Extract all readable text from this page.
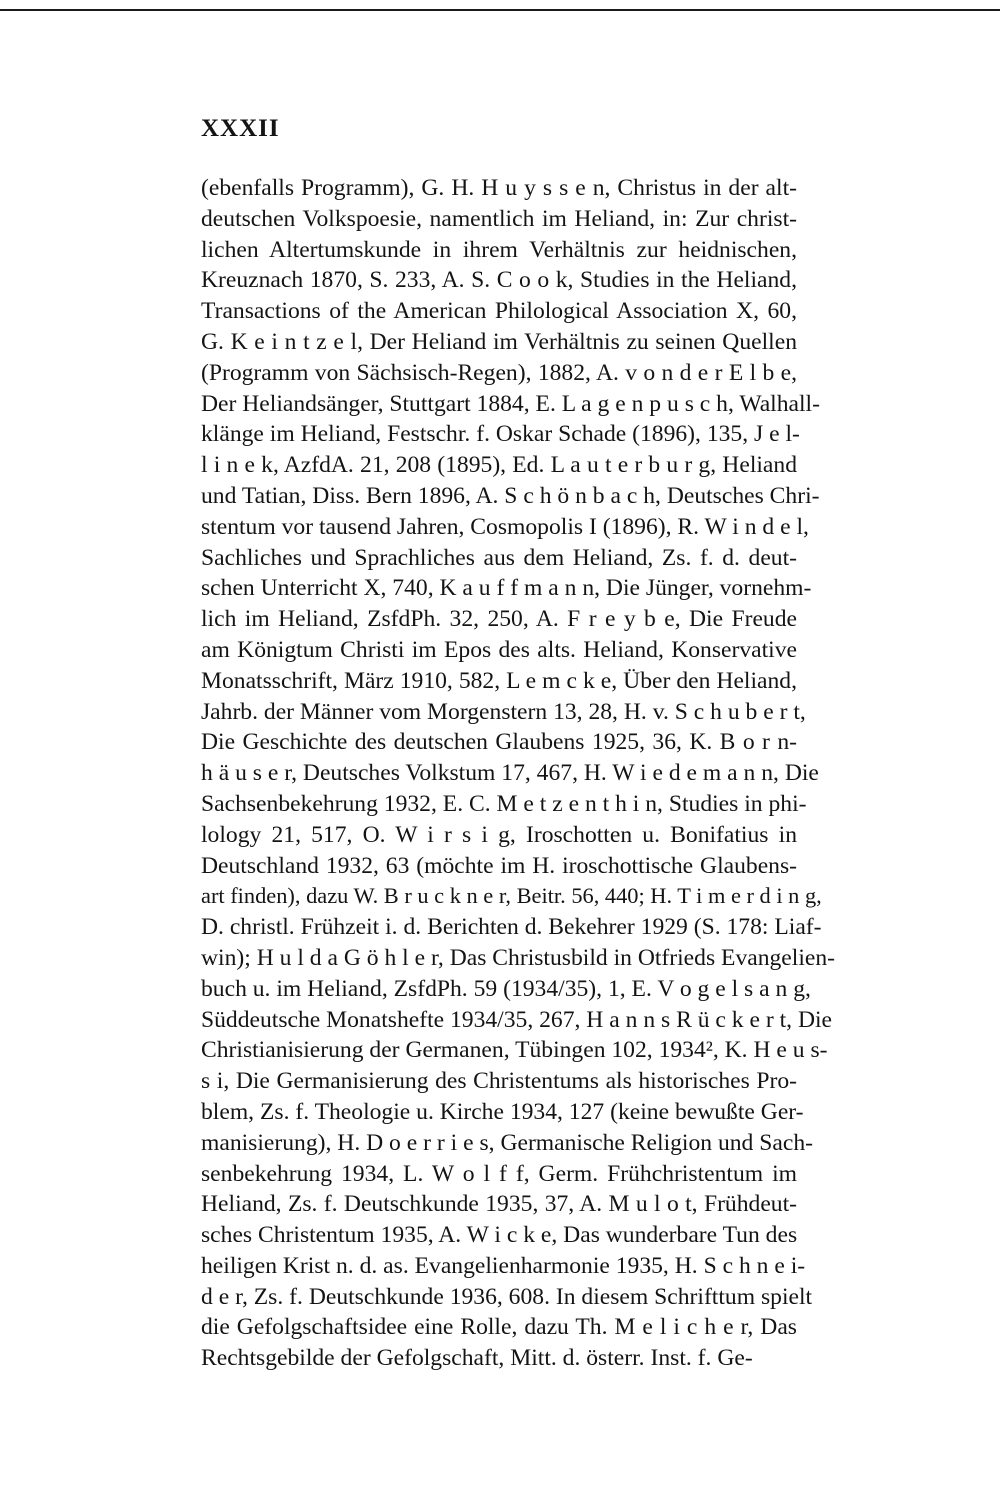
XXXII
(ebenfalls Programm), G. H. H u y s s e n, Christus in der alt-
deutschen Volkspoesie, namentlich im Heliand, in: Zur christ-
lichen Altertumskunde in ihrem Verhältnis zur heidnischen,
Kreuznach 1870, S. 233, A. S. C o o k, Studies in the Heliand,
Transactions of the American Philological Association X, 60,
G. K e i n t z e l, Der Heliand im Verhältnis zu seinen Quellen
(Programm von Sächsisch-Regen), 1882, A. v o n d e r E l b e,
Der Heliandsänger, Stuttgart 1884, E. L a g e n p u s c h, Walhall-
klänge im Heliand, Festschr. f. Oskar Schade (1896), 135, J e l-
l i n e k, AzfdA. 21, 208 (1895), Ed. L a u t e r b u r g, Heliand
und Tatian, Diss. Bern 1896, A. S c h ö n b a c h, Deutsches Chri-
stentum vor tausend Jahren, Cosmopolis I (1896), R. W i n d e l,
Sachliches und Sprachliches aus dem Heliand, Zs. f. d. deut-
schen Unterricht X, 740, K a u f f m a n n, Die Jünger, vornehm-
lich im Heliand, ZsfdPh. 32, 250, A. F r e y b e, Die Freude
am Königtum Christi im Epos des alts. Heliand, Konservative
Monatsschrift, März 1910, 582, L e m c k e, Über den Heliand,
Jahrb. der Männer vom Morgenstern 13, 28, H. v. S c h u b e r t,
Die Geschichte des deutschen Glaubens 1925, 36, K. B o r n-
h ä u s e r, Deutsches Volkstum 17, 467, H. W i e d e m a n n, Die
Sachsenbekehrung 1932, E. C. M e t z e n t h i n, Studies in phi-
lology 21, 517, O. W i r s i g, Iroschotten u. Bonifatius in
Deutschland 1932, 63 (möchte im H. iroschottische Glaubens-
art finden), dazu W. B r u c k n e r, Beitr. 56, 440; H. T i m e r d i n g,
D. christl. Frühzeit i. d. Berichten d. Bekehrer 1929 (S. 178: Liaf-
win); H u l d a G ö h l e r, Das Christusbild in Otfrieds Evangelien-
buch u. im Heliand, ZsfdPh. 59 (1934/35), 1, E. V o g e l s a n g,
Süddeutsche Monatshefte 1934/35, 267, H a n n s R ü c k e r t, Die
Christianisierung der Germanen, Tübingen 102, 1934², K. H e u s-
s i, Die Germanisierung des Christentums als historisches Pro-
blem, Zs. f. Theologie u. Kirche 1934, 127 (keine bewußte Ger-
manisierung), H. D o e r r i e s, Germanische Religion und Sach-
senbekehrung 1934, L. W o l f f, Germ. Frühchristentum im
Heliand, Zs. f. Deutschkunde 1935, 37, A. M u l o t, Frühdeut-
sches Christentum 1935, A. W i c k e, Das wunderbare Tun des
heiligen Krist n. d. as. Evangelienharmonie 1935, H. S c h n e i-
d e r, Zs. f. Deutschkunde 1936, 608. In diesem Schrifttum spielt
die Gefolgschaftsidee eine Rolle, dazu Th. M e l i c h e r, Das
Rechtsgebilde der Gefolgschaft, Mitt. d. österr. Inst. f. Ge-
